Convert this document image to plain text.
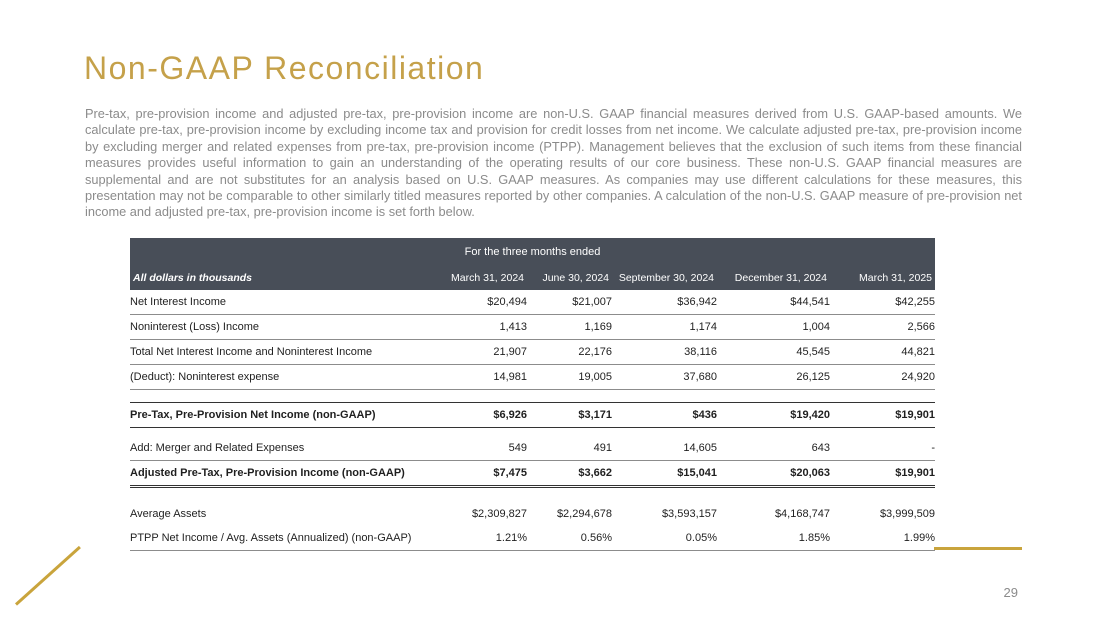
Non-GAAP Reconciliation

Pre-tax, pre-provision income and adjusted pre-tax, pre-provision income are non-U.S. GAAP financial measures derived from U.S. GAAP-based amounts. We calculate pre-tax, pre-provision income by excluding income tax and provision for credit losses from net income. We calculate adjusted pre-tax, pre-provision income by excluding merger and related expenses from pre-tax, pre-provision income (PTPP). Management believes that the exclusion of such items from these financial measures provides useful information to gain an understanding of the operating results of our core business. These non-U.S. GAAP financial measures are supplemental and are not substitutes for an analysis based on U.S. GAAP measures. As companies may use different calculations for these measures, this presentation may not be comparable to other similarly titled measures reported by other companies. A calculation of the non-U.S. GAAP measure of pre-provision net income and adjusted pre-tax, pre-provision income is set forth below.

For the three months ended					
All dollars in thousands	March 31, 2024	June 30, 2024	September 30, 2024	December 31, 2024	March 31, 2025
Net Interest Income	$20,494	$21,007	$36,942	$44,541	$42,255
Noninterest (Loss) Income	1,413	1,169	1,174	1,004	2,566
Total Net Interest Income and Noninterest Income	21,907	22,176	38,116	45,545	44,821
(Deduct): Noninterest expense	14,981	19,005	37,680	26,125	24,920

Pre-Tax, Pre-Provision Net Income (non-GAAP)	$6,926	$3,171	$436	$19,420	$19,901

Add: Merger and Related Expenses	549	491	14,605	643	-
Adjusted Pre-Tax, Pre-Provision Income (non-GAAP)	$7,475	$3,662	$15,041	$20,063	$19,901

Average Assets	$2,309,827	$2,294,678	$3,593,157	$4,168,747	$3,999,509
PTPP Net Income / Avg. Assets (Annualized) (non-GAAP)	1.21%	0.56%	0.05%	1.85%	1.99%
29
